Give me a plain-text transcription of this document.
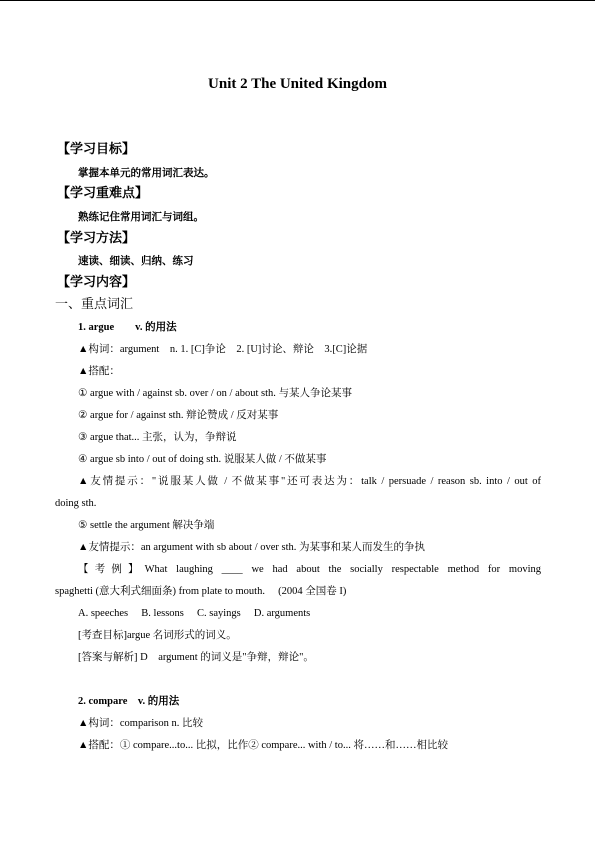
Unit 2 The United Kingdom
【学习目标】
掌握本单元的常用词汇表达。
【学习重难点】
熟练记住常用词汇与词组。
【学习方法】
速读、细读、归纳、练习
【学习内容】
一、重点词汇
1. argue　　v. 的用法
▲构词：argument　n. 1. [C]争论　2. [U]讨论、辩论　3.[C]论据
▲搭配：
① argue with / against sb. over / on / about sth. 与某人争论某事
② argue for / against sth. 辩论赞成 / 反对某事
③ argue that... 主张，认为，争辩说
④ argue sb into / out of doing sth. 说服某人做 / 不做某事
▲友情提示："说服某人做 / 不做某事"还可表达为：talk / persuade / reason sb. into / out of
doing sth.
⑤ settle the argument 解决争端
▲友情提示：an argument with sb about / over sth. 为某事和某人而发生的争执
【考例】What laughing ____ we had about the socially respectable method for moving
spaghetti (意大利式细面条) from plate to mouth.　 (2004 全国卷 I)
A. speeches　 B. lessons　 C. sayings　 D. arguments
[考查目标]argue 名词形式的词义。
[答案与解析] D　argument 的词义是"争辩，辩论"。
2. compare　v. 的用法
▲构词：comparison n. 比较
▲搭配：① compare...to... 比拟，比作② compare... with / to... 将……和……相比较
